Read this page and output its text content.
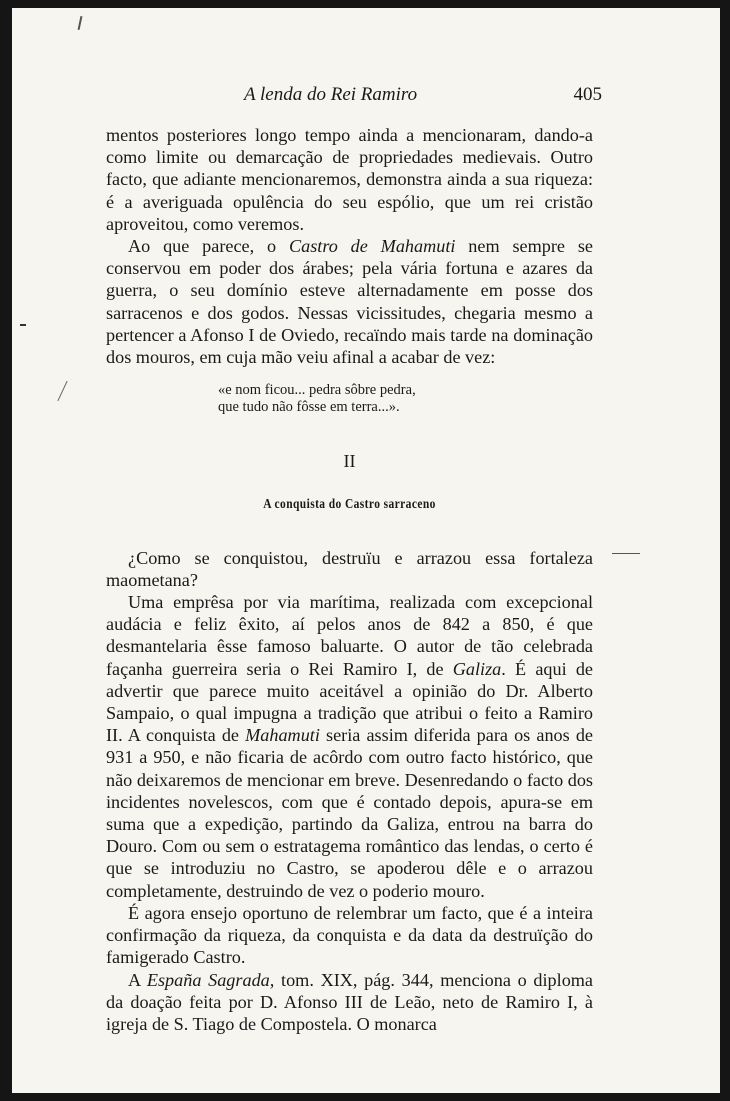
A lenda do Rei Ramiro	405

mentos posteriores longo tempo ainda a mencionaram, dando-a como limite ou demarcação de propriedades medievais. Outro facto, que adiante mencionaremos, demonstra ainda a sua riqueza: é a averiguada opulência do seu espólio, que um rei cristão aproveitou, como veremos.

Ao que parece, o Castro de Mahamuti nem sempre se conservou em poder dos árabes; pela vária fortuna e azares da guerra, o seu domínio esteve alternadamente em posse dos sarracenos e dos godos. Nessas vicissitudes, chegaria mesmo a pertencer a Afonso I de Oviedo, recaïndo mais tarde na dominação dos mouros, em cuja mão veiu afinal a acabar de vez:

«e nom ficou... pedra sôbre pedra,
que tudo não fôsse em terra...».
II
A conquista do Castro sarraceno

¿Como se conquistou, destruïu e arrazou essa fortaleza maometana?

Uma emprêsa por via marítima, realizada com excepcional audácia e feliz êxito, aí pelos anos de 842 a 850, é que desmantelaria êsse famoso baluarte. O autor de tão celebrada façanha guerreira seria o Rei Ramiro I, de Galiza. É aqui de advertir que parece muito aceitável a opinião do Dr. Alberto Sampaio, o qual impugna a tradição que atribui o feito a Ramiro II. A conquista de Mahamuti seria assim diferida para os anos de 931 a 950, e não ficaria de acôrdo com outro facto histórico, que não deixaremos de mencionar em breve. Desenredando o facto dos incidentes novelescos, com que é contado depois, apura-se em suma que a expedição, partindo da Galiza, entrou na barra do Douro. Com ou sem o estratagema romântico das lendas, o certo é que se introduziu no Castro, se apoderou dêle e o arrazou completamente, destruindo de vez o poderio mouro.

É agora ensejo oportuno de relembrar um facto, que é a inteira confirmação da riqueza, da conquista e da data da destruïção do famigerado Castro.

A España Sagrada, tom. XIX, pág. 344, menciona o diploma da doação feita por D. Afonso III de Leão, neto de Ramiro I, à igreja de S. Tiago de Compostela. O monarca
